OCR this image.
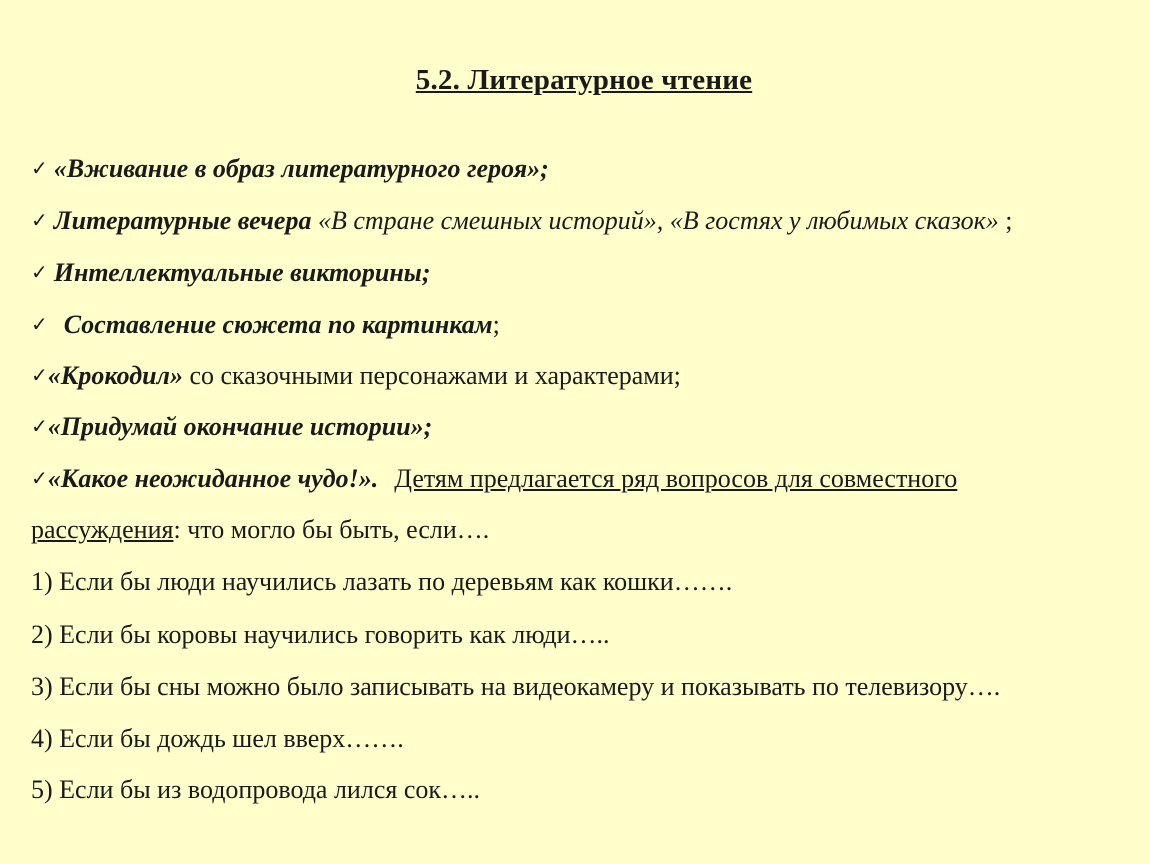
5.2. Литературное чтение
✓ «Вживание в образ литературного героя»;
✓ Литературные вечера «В стране смешных историй», «В гостях у любимых сказок» ;
✓ Интеллектуальные викторины;
✓ Составление сюжета по картинкам;
✓«Крокодил» со сказочными персонажами и характерами;
✓«Придумай окончание истории»;
✓«Какое неожиданное чудо!». Детям предлагается ряд вопросов для совместного
рассуждения: что могло бы быть, если….
1) Если бы люди научились лазать по деревьям как кошки…….
2) Если бы коровы научились говорить как люди…..
3) Если бы сны можно было записывать на видеокамеру и показывать по телевизору….
4) Если бы дождь шел вверх…….
5) Если бы из водопровода лился сок…..
